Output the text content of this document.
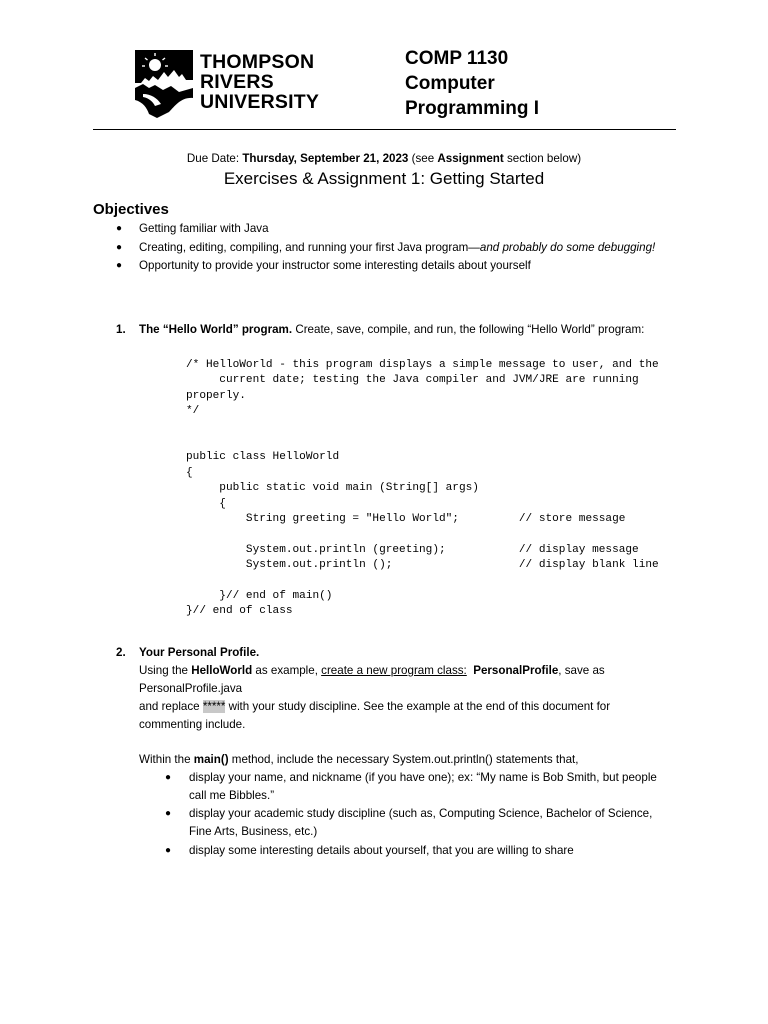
THOMPSON
RIVERS
UNIVERSITY
COMP 1130
Computer
Programming I
Due Date: Thursday, September 21, 2023 (see Assignment section below)
Exercises & Assignment 1: Getting Started
Objectives
● Getting familiar with Java
● Creating, editing, compiling, and running your first Java program—and probably do some debugging!
● Opportunity to provide your instructor some interesting details about yourself
1. The “Hello World” program. Create, save, compile, and run, the following “Hello World” program:
/* HelloWorld - this program displays a simple message to user, and the
current date; testing the Java compiler and JVM/JRE are running
properly.
*/
public class HelloWorld
{
public static void main (String[] args)
{
String greeting = "Hello World";         // store message
System.out.println (greeting);           // display message
System.out.println ();                   // display blank line
}// end of main()
}// end of class
2. Your Personal Profile.
Using the HelloWorld as example, create a new program class: PersonalProfile, save as
PersonalProfile.java
and replace ***** with your study discipline. See the example at the end of this document for
commenting include.
Within the main() method, include the necessary System.out.println() statements that,
● display your name, and nickname (if you have one); ex: “My name is Bob Smith, but people
call me Bibbles.”
● display your academic study discipline (such as, Computing Science, Bachelor of Science,
Fine Arts, Business, etc.)
● display some interesting details about yourself, that you are willing to share
